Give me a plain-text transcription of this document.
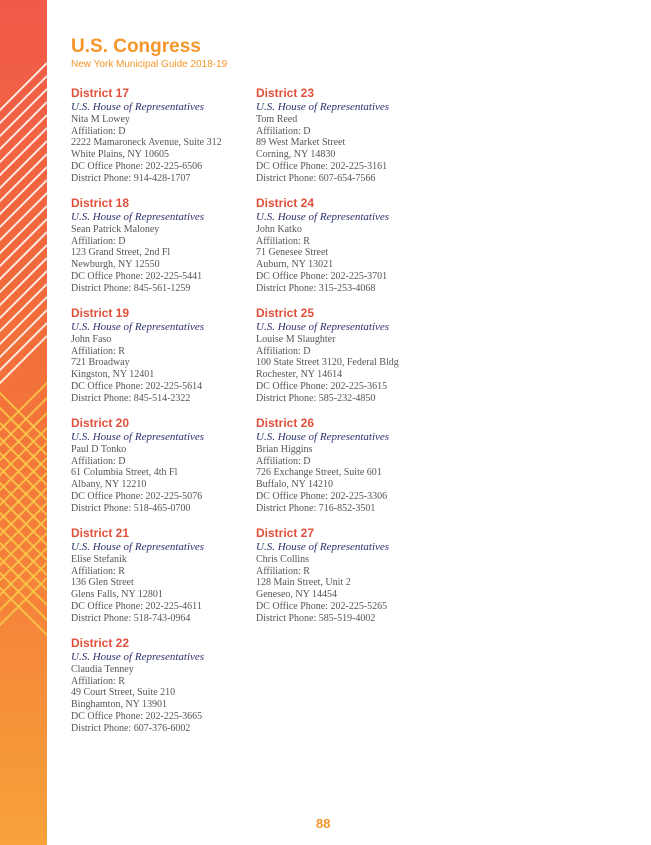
U.S. Congress
New York Municipal Guide 2018-19
District 17
U.S. House of Representatives
Nita M Lowey
Affiliation: D
2222 Mamaroneck Avenue, Suite 312
White Plains, NY 10605
DC Office Phone: 202-225-6506
District Phone: 914-428-1707
District 18
U.S. House of Representatives
Sean Patrick Maloney
Affiliation: D
123 Grand Street, 2nd Fl
Newburgh, NY 12550
DC Office Phone: 202-225-5441
District Phone: 845-561-1259
District 19
U.S. House of Representatives
John Faso
Affiliation: R
721 Broadway
Kingston, NY 12401
DC Office Phone: 202-225-5614
District Phone: 845-514-2322
District 20
U.S. House of Representatives
Paul D Tonko
Affiliation: D
61 Columbia Street, 4th Fl
Albany, NY 12210
DC Office Phone: 202-225-5076
District Phone: 518-465-0700
District 21
U.S. House of Representatives
Elise Stefanik
Affiliation: R
136 Glen Street
Glens Falls, NY 12801
DC Office Phone: 202-225-4611
District Phone: 518-743-0964
District 22
U.S. House of Representatives
Claudia Tenney
Affiliation: R
49 Court Street, Suite 210
Binghamton, NY 13901
DC Office Phone: 202-225-3665
District Phone: 607-376-6002
District 23
U.S. House of Representatives
Tom Reed
Affiliation: D
89 West Market Street
Corning, NY 14830
DC Office Phone: 202-225-3161
District Phone: 607-654-7566
District 24
U.S. House of Representatives
John Katko
Affiliation: R
71 Genesee Street
Auburn, NY 13021
DC Office Phone: 202-225-3701
District Phone: 315-253-4068
District 25
U.S. House of Representatives
Louise M Slaughter
Affiliation: D
100 State Street 3120, Federal Bldg
Rochester, NY 14614
DC Office Phone: 202-225-3615
District Phone: 585-232-4850
District 26
U.S. House of Representatives
Brian Higgins
Affiliation: D
726 Exchange Street, Suite 601
Buffalo, NY 14210
DC Office Phone: 202-225-3306
District Phone: 716-852-3501
District 27
U.S. House of Representatives
Chris Collins
Affiliation: R
128 Main Street, Unit 2
Geneseo, NY 14454
DC Office Phone: 202-225-5265
District Phone: 585-519-4002
88
